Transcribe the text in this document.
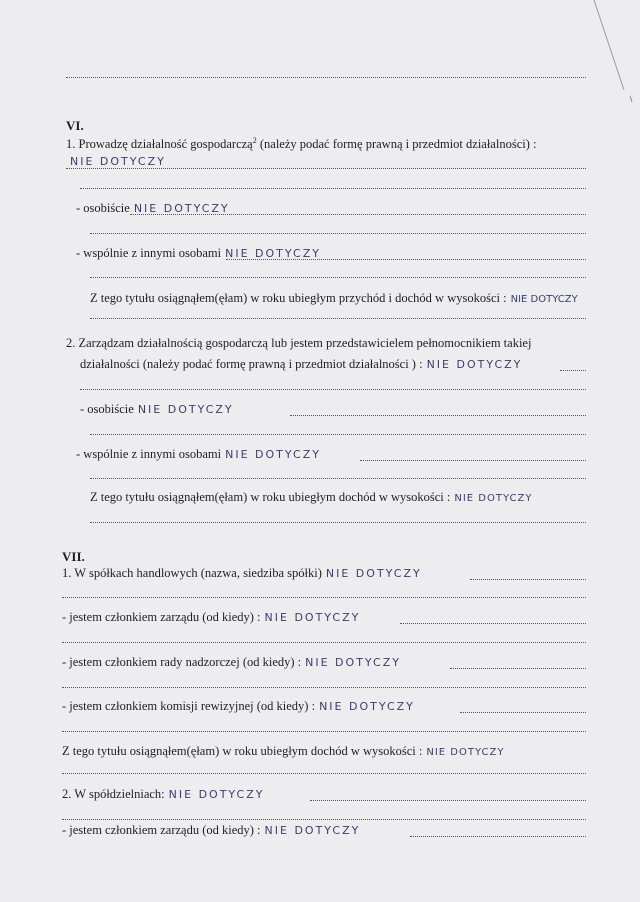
VI.
1. Prowadzę działalność gospodarczą$^2$ (należy podać formę prawną i przedmiot działalności) :
NIE DOTYCZY
- osobiście NIE DOTYCZY
- wspólnie z innymi osobami NIE DOTYCZY
Z tego tytułu osiągnąłem(ęłam) w roku ubiegłym przychód i dochód w wysokości : NIE DOTYCZY
2. Zarządzam działalnością gospodarczą lub jestem przedstawicielem pełnomocnikiem takiej
działalności (należy podać formę prawną i przedmiot działalności ) : NIE DOTYCZY
- osobiście NIE DOTYCZY
- wspólnie z innymi osobami NIE DOTYCZY
Z tego tytułu osiągnąłem(ęłam) w roku ubiegłym dochód w wysokości : NIE DOTYCZY
VII.
1. W spółkach handlowych (nazwa, siedziba spółki) NIE DOTYCZY
- jestem członkiem zarządu (od kiedy) : NIE DOTYCZY
- jestem członkiem rady nadzorczej (od kiedy) : NIE DOTYCZY
- jestem członkiem komisji rewizyjnej (od kiedy) : NIE DOTYCZY
Z tego tytułu osiągnąłem(ęłam) w roku ubiegłym dochód w wysokości : NIE DOTYCZY
2. W spółdzielniach: NIE DOTYCZY
- jestem członkiem zarządu (od kiedy) : NIE DOTYCZY
